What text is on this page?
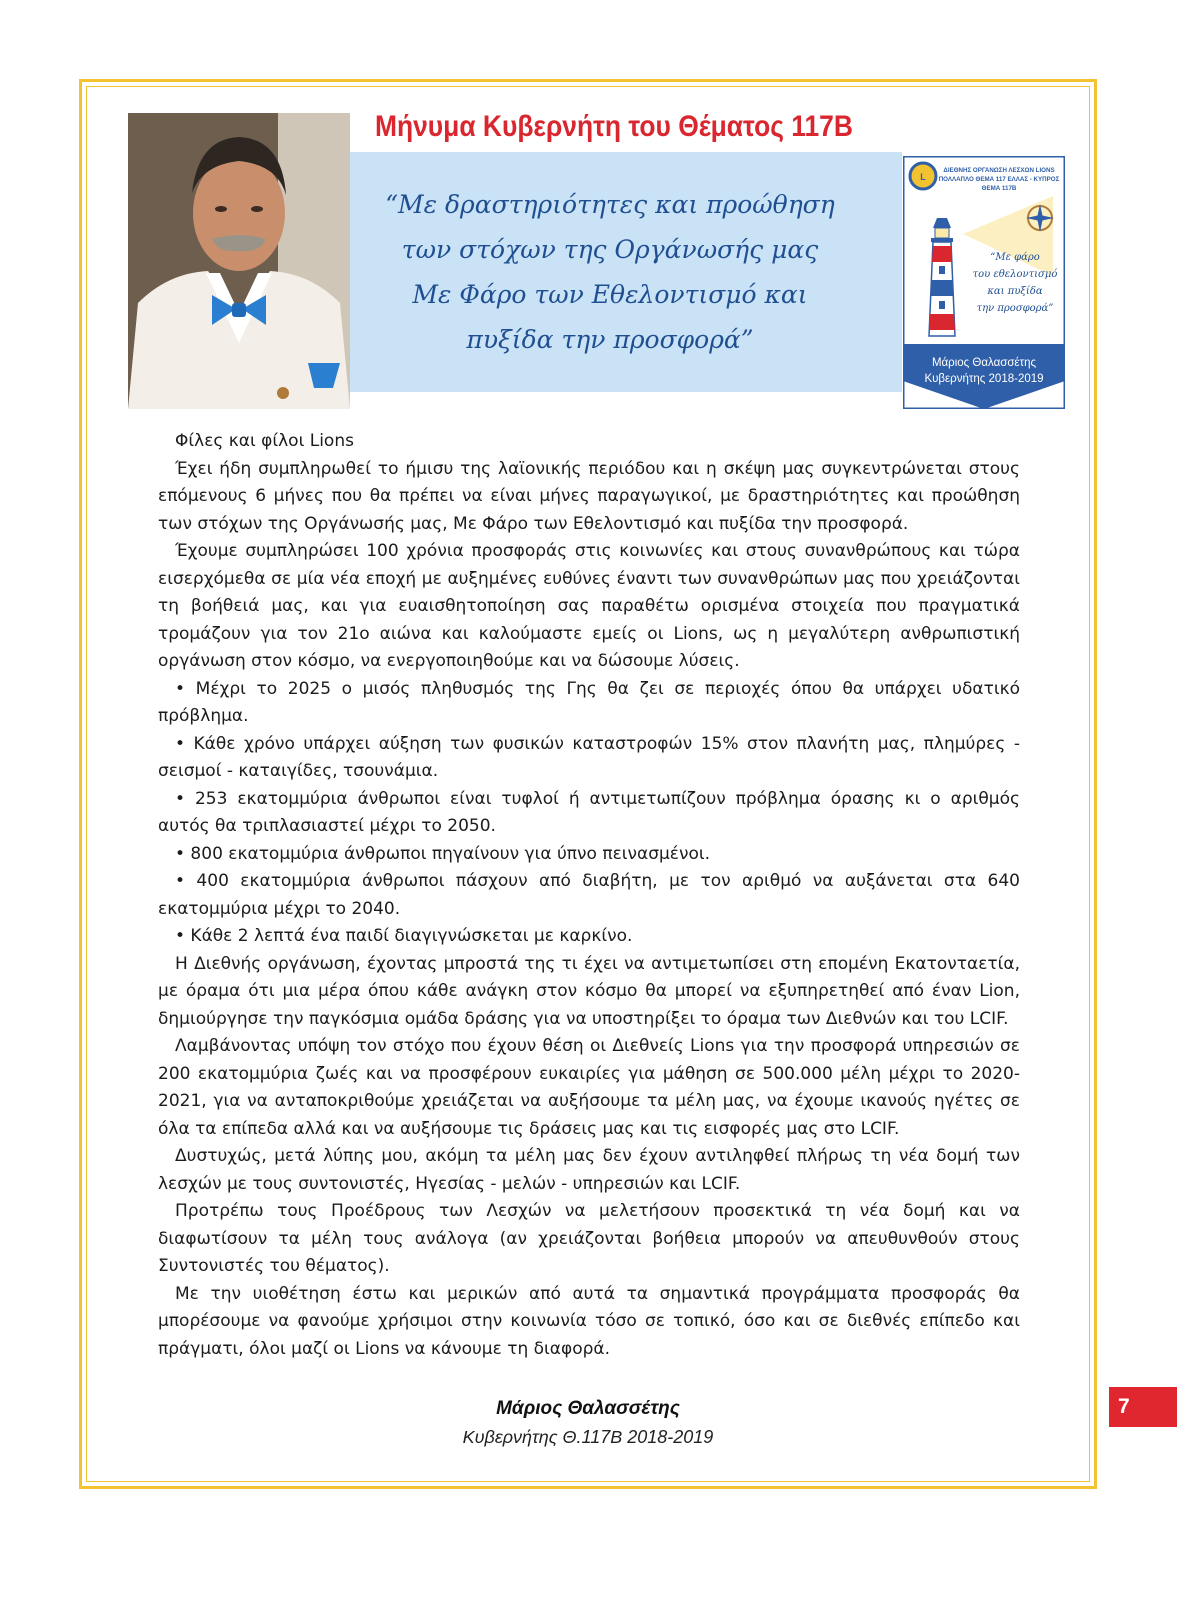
Μήνυμα Κυβερνήτη του Θέματος 117Β
“Με δραστηριότητες και προώθηση
των στόχων της Οργάνωσής μας
Με Φάρο των Εθελοντισμό και
πυξίδα την προσφορά”
L
ΔΙΕΘΝΗΣ ΟΡΓΑΝΩΣΗ ΛΕΣΧΩΝ LIONS
ΠΟΛΛΑΠΛΟ ΘΕΜΑ 117 ΕΛΛΑΣ - ΚΥΠΡΟΣ
ΘΕΜΑ 117Β
“Με φάρο
του εθελοντισμό
και πυξίδα
την προσφορά”
Μάριος Θαλασσέτης
Κυβερνήτης 2018-2019

Φίλες και φίλοι Lions

Έχει ήδη συμπληρωθεί το ήμισυ της λαϊονικής περιόδου και η σκέψη μας συγκεντρώνεται στους επόμενους 6 μήνες που θα πρέπει να είναι μήνες παραγωγικοί, με δραστηριότητες και προώθηση των στόχων της Οργάνωσής μας, Με Φάρο των Εθελοντισμό και πυξίδα την προσφορά.

Έχουμε συμπληρώσει 100 χρόνια προσφοράς στις κοινωνίες και στους συνανθρώπους και τώρα εισερχόμεθα σε μία νέα εποχή με αυξημένες ευθύνες έναντι των συνανθρώπων μας που χρειάζονται τη βοήθειά μας, και για ευαισθητοποίηση σας παραθέτω ορισμένα στοιχεία που πραγματικά τρομάζουν για τον 21ο αιώνα και καλούμαστε εμείς οι Lions, ως η μεγαλύτερη ανθρωπιστική οργάνωση στον κόσμο, να ενεργοποιηθούμε και να δώσουμε λύσεις.

• Μέχρι το 2025 ο μισός πληθυσμός της Γης θα ζει σε περιοχές όπου θα υπάρχει υδατικό πρόβλημα.

• Κάθε χρόνο υπάρχει αύξηση των φυσικών καταστροφών 15% στον πλανήτη μας, πλημύρες - σεισμοί - καταιγίδες, τσουνάμια.

• 253 εκατομμύρια άνθρωποι είναι τυφλοί ή αντιμετωπίζουν πρόβλημα όρασης κι ο αριθμός αυτός θα τριπλασιαστεί μέχρι το 2050.

• 800 εκατομμύρια άνθρωποι πηγαίνουν για ύπνο πεινασμένοι.

• 400 εκατομμύρια άνθρωποι πάσχουν από διαβήτη, με τον αριθμό να αυξάνεται στα 640 εκατομμύρια μέχρι το 2040.

• Κάθε 2 λεπτά ένα παιδί διαγιγνώσκεται με καρκίνο.

Η Διεθνής οργάνωση, έχοντας μπροστά της τι έχει να αντιμετωπίσει στη επομένη Εκατονταετία, με όραμα ότι μια μέρα όπου κάθε ανάγκη στον κόσμο θα μπορεί να εξυπηρετηθεί από έναν Lion, δημιούργησε την παγκόσμια ομάδα δράσης για να υποστηρίξει το όραμα των Διεθνών και του LCIF.

Λαμβάνοντας υπόψη τον στόχο που έχουν θέση οι Διεθνείς Lions για την προσφορά υπηρεσιών σε 200 εκατομμύρια ζωές και να προσφέρουν ευκαιρίες για μάθηση σε 500.000 μέλη μέχρι το 2020-2021, για να ανταποκριθούμε χρειάζεται να αυξήσουμε τα μέλη μας, να έχουμε ικανούς ηγέτες σε όλα τα επίπεδα αλλά και να αυξήσουμε τις δράσεις μας και τις εισφορές μας στο LCIF.

Δυστυχώς, μετά λύπης μου, ακόμη τα μέλη μας δεν έχουν αντιληφθεί πλήρως τη νέα δομή των λεσχών με τους συντονιστές, Ηγεσίας - μελών - υπηρεσιών και LCIF.

Προτρέπω τους Προέδρους των Λεσχών να μελετήσουν προσεκτικά τη νέα δομή και να διαφωτίσουν τα μέλη τους ανάλογα (αν χρειάζονται βοήθεια μπορούν να απευθυνθούν στους Συντονιστές του θέματος).

Με την υιοθέτηση έστω και μερικών από αυτά τα σημαντικά προγράμματα προσφοράς θα μπορέσουμε να φανούμε χρήσιμοι στην κοινωνία τόσο σε τοπικό, όσο και σε διεθνές επίπεδο και πράγματι, όλοι μαζί οι Lions να κάνουμε τη διαφορά.

Μάριος Θαλασσέτης
Κυβερνήτης Θ.117Β 2018-2019
7
